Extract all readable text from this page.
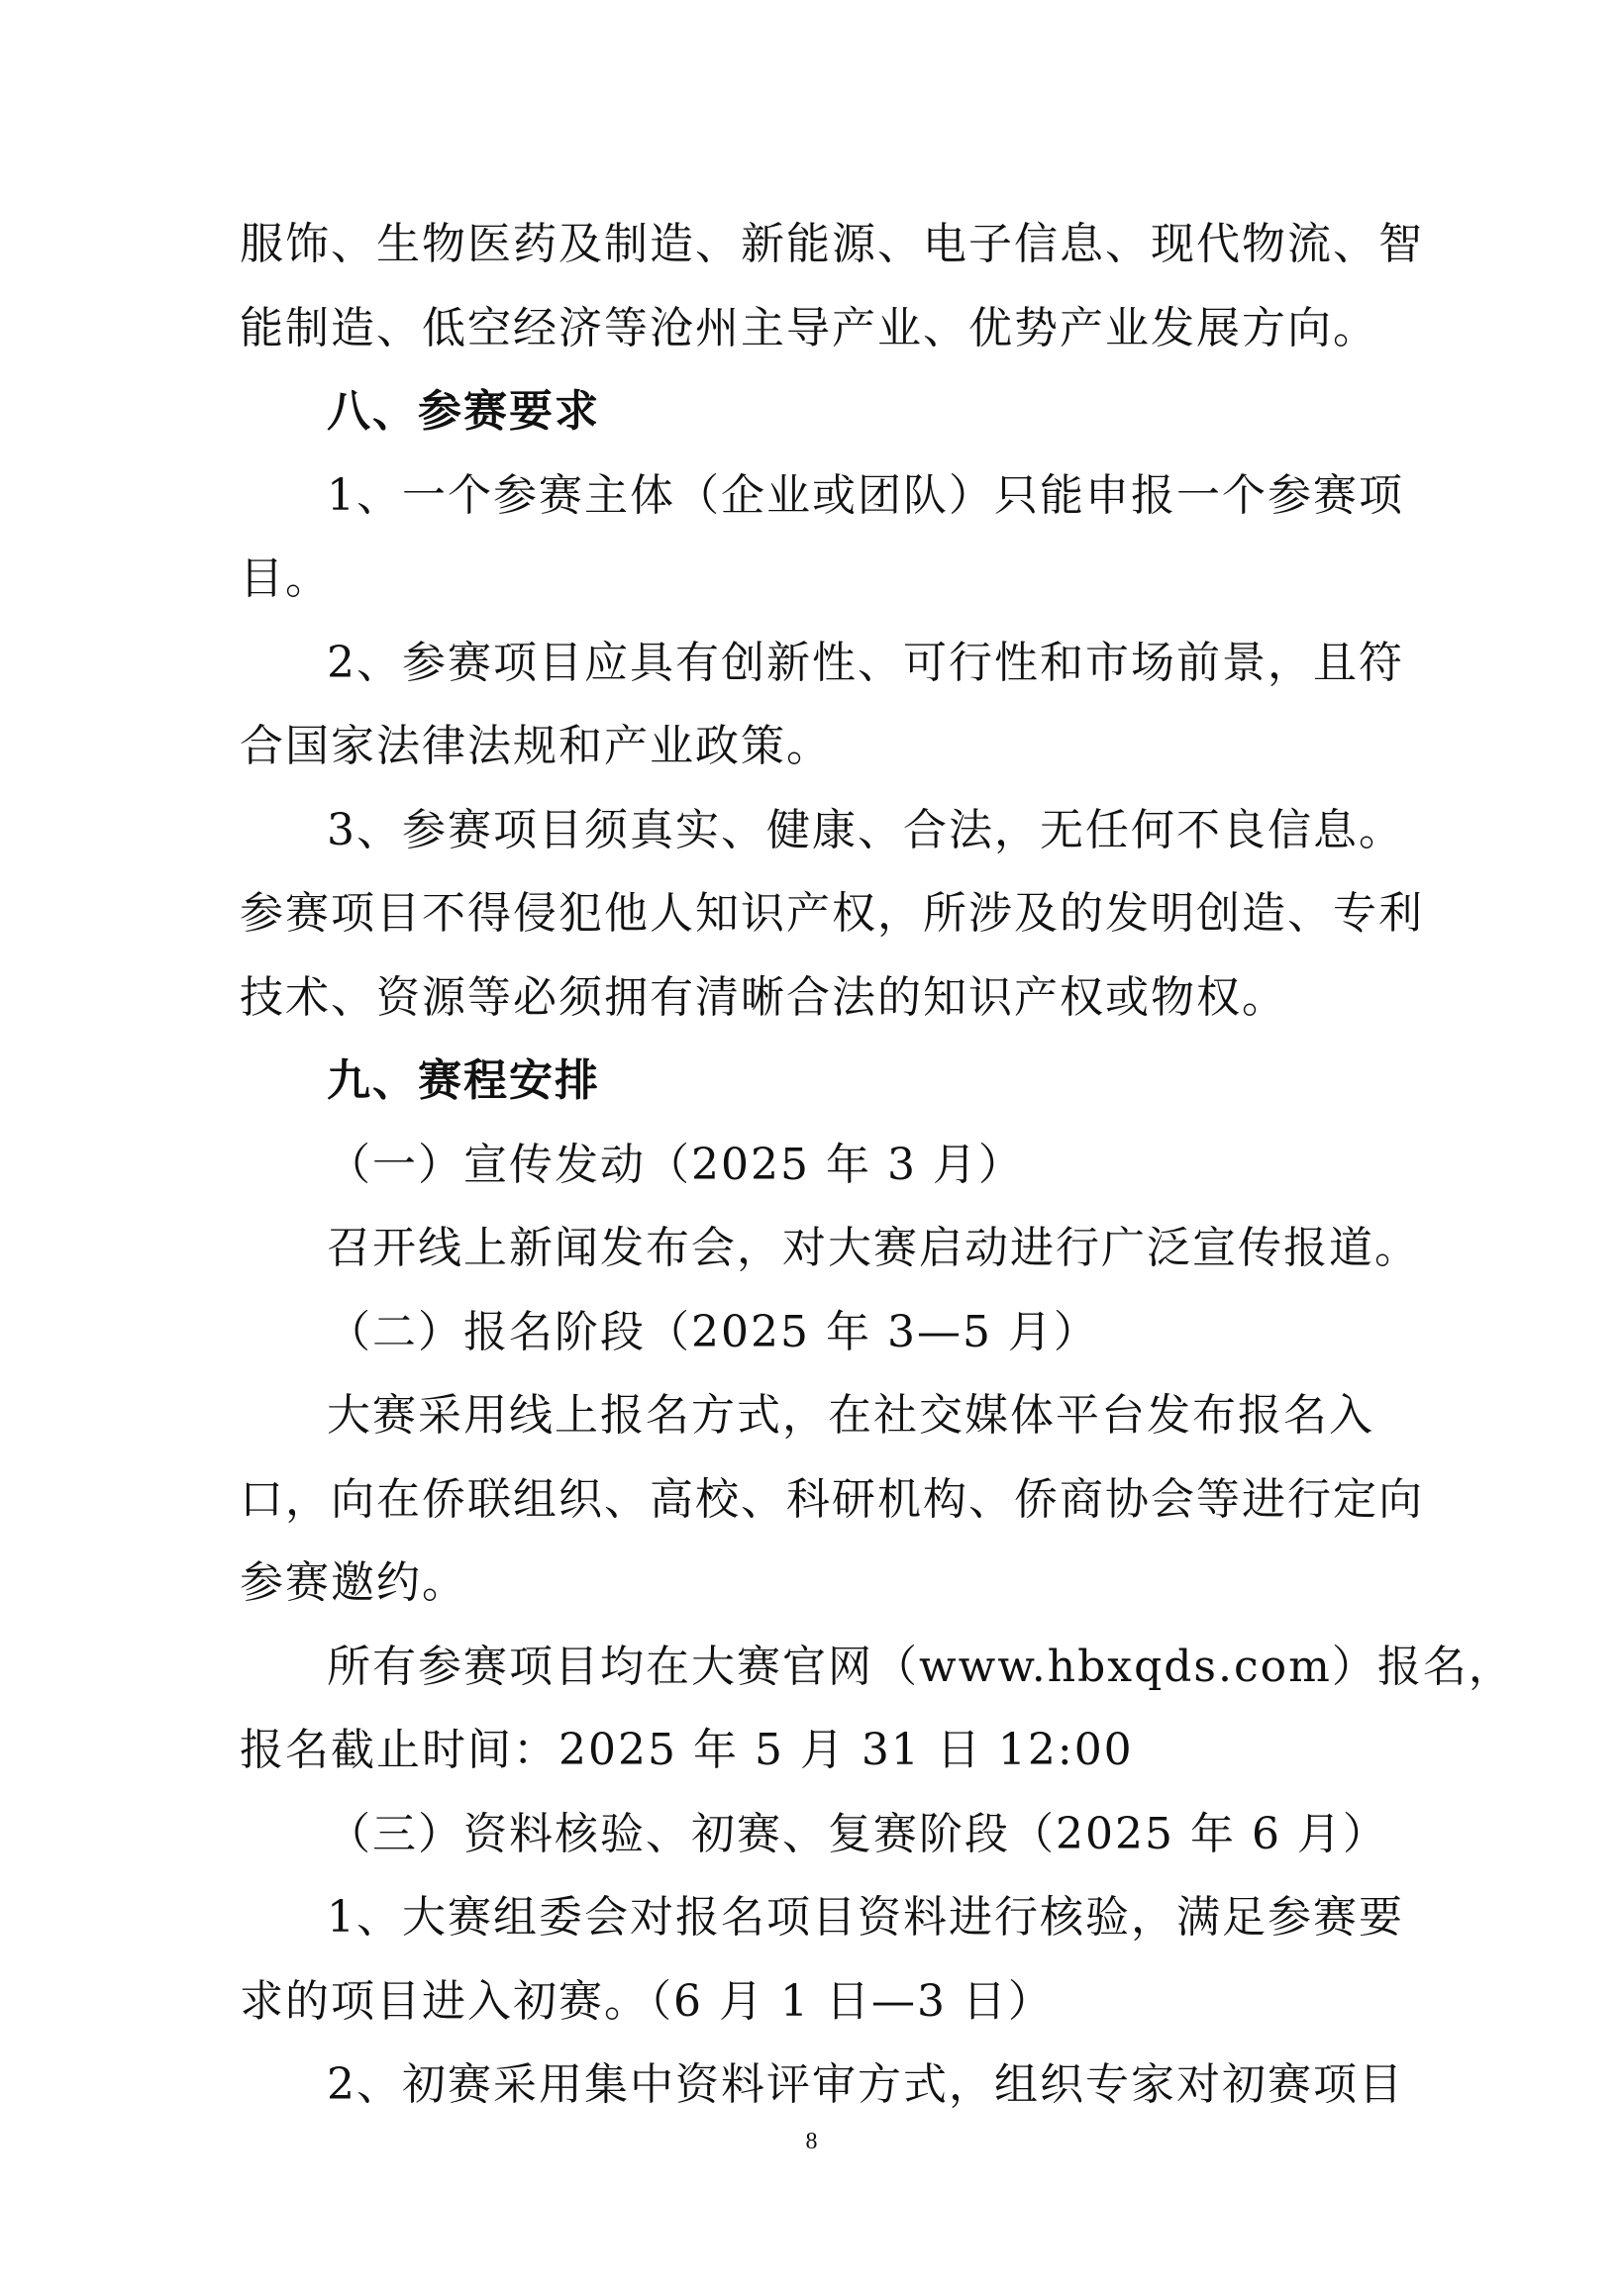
服饰、生物医药及制造、新能源、电子信息、现代物流、智
能制造、低空经济等沧州主导产业、优势产业发展方向。
八、参赛要求
1、一个参赛主体（企业或团队）只能申报一个参赛项
目。
2、参赛项目应具有创新性、可行性和市场前景，且符
合国家法律法规和产业政策。
3、参赛项目须真实、健康、合法，无任何不良信息。
参赛项目不得侵犯他人知识产权，所涉及的发明创造、专利
技术、资源等必须拥有清晰合法的知识产权或物权。
九、赛程安排
（一）宣传发动（2025 年 3 月）
召开线上新闻发布会，对大赛启动进行广泛宣传报道。
（二）报名阶段（2025 年 3—5 月）
大赛采用线上报名方式，在社交媒体平台发布报名入
口，向在侨联组织、高校、科研机构、侨商协会等进行定向
参赛邀约。
所有参赛项目均在大赛官网（www.hbxqds.com）报名，
报名截止时间：2025 年 5 月 31 日 12:00
（三）资料核验、初赛、复赛阶段（2025 年 6 月）
1、大赛组委会对报名项目资料进行核验，满足参赛要
求的项目进入初赛。（6 月 1 日—3 日）
2、初赛采用集中资料评审方式，组织专家对初赛项目
8
